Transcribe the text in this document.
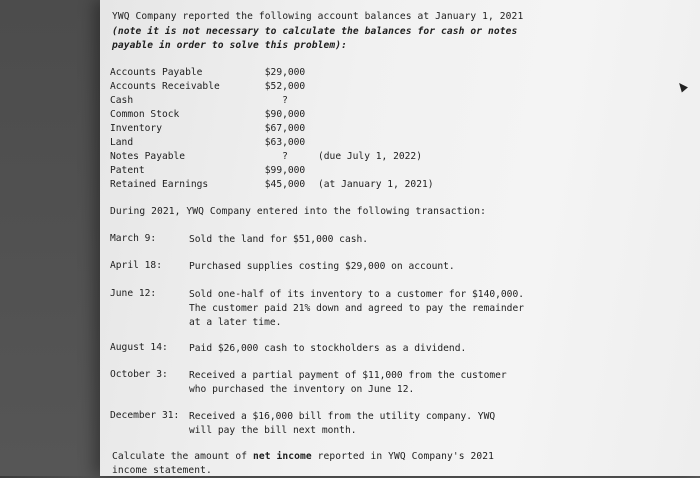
YWQ Company reported the following account balances at January 1, 2021
(note it is not necessary to calculate the balances for cash or notes
payable in order to solve this problem):
Accounts Payable	$29,000
Accounts Receivable	$52,000
Cash	?
Common Stock	$90,000
Inventory	$67,000
Land	$63,000
Notes Payable	?	(due July 1, 2022)
Patent	$99,000
Retained Earnings	$45,000	(at January 1, 2021)
During 2021, YWQ Company entered into the following transaction:
March 9:	Sold the land for $51,000 cash.
April 18:	Purchased supplies costing $29,000 on account.
June 12:	Sold one-half of its inventory to a customer for $140,000.
The customer paid 21% down and agreed to pay the remainder
at a later time.
August 14: Paid $26,000 cash to stockholders as a dividend.
October 3: Received a partial payment of $11,000 from the customer
who purchased the inventory on June 12.
December 31: Received a $16,000 bill from the utility company. YWQ
will pay the bill next month.
Calculate the amount of net income reported in YWQ Company's 2021
income statement.
